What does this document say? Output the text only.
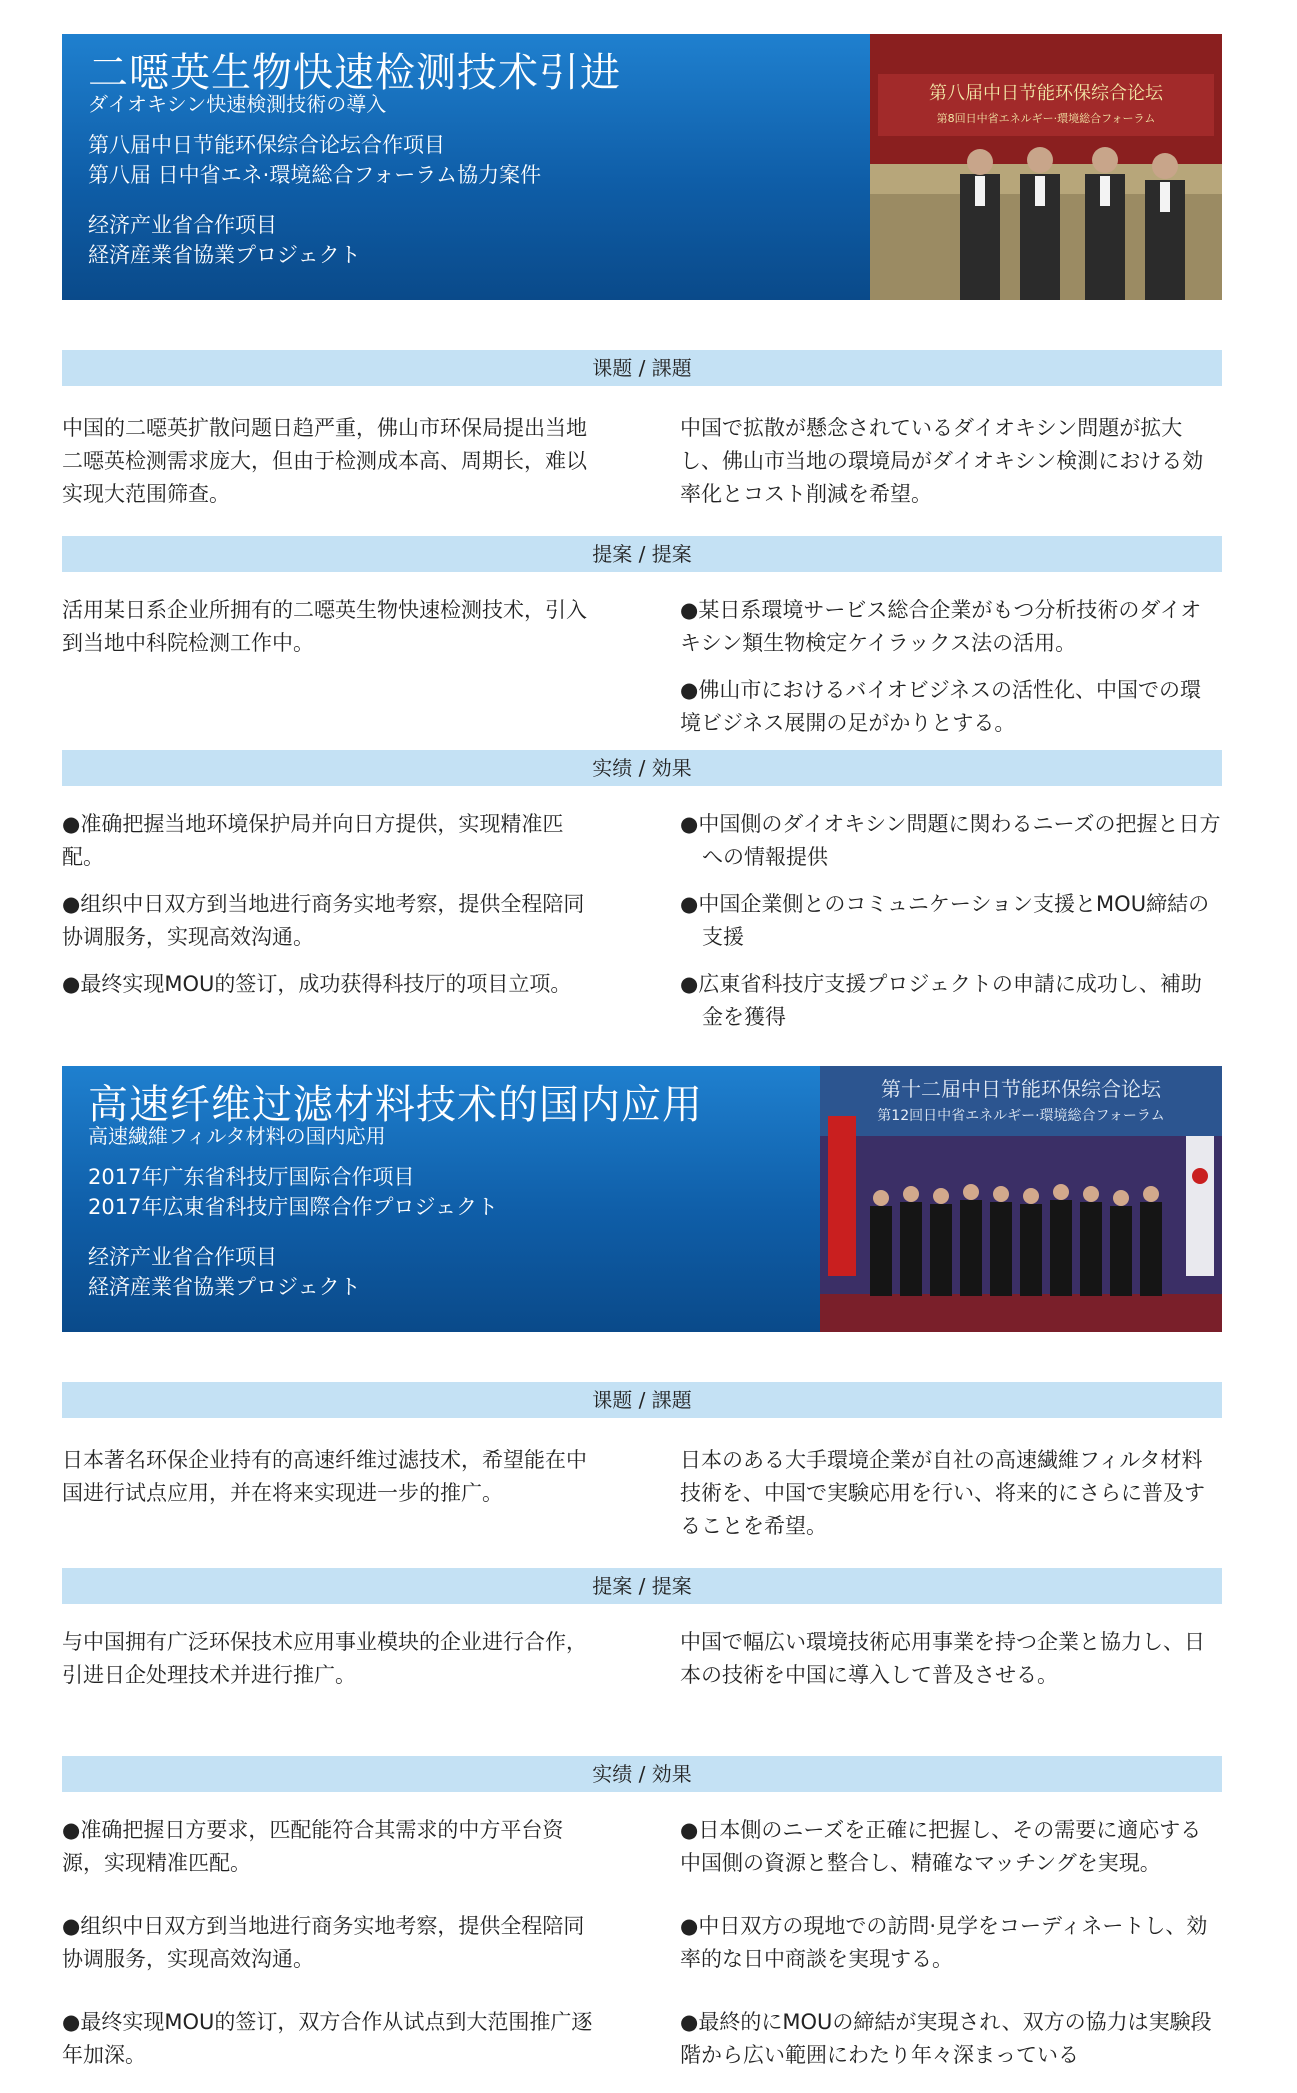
二噁英生物快速检测技术引进
ダイオキシン快速検測技術の導入
第八届中日节能环保综合论坛合作项目
第八届 日中省エネ·環境総合フォーラム協力案件
经济产业省合作项目
経済産業省協業プロジェクト
第八届中日节能环保综合论坛
第8回日中省エネルギー·環境総合フォーラム
课题 / 課題

中国的二噁英扩散问题日趋严重，佛山市环保局提出当地二噁英检测需求庞大，但由于检测成本高、周期长，难以实现大范围筛查。

中国で拡散が懸念されているダイオキシン問題が拡大し、佛山市当地の環境局がダイオキシン検測における効率化とコスト削減を希望。

提案 / 提案

活用某日系企业所拥有的二噁英生物快速检测技术，引入到当地中科院检测工作中。

●某日系環境サービス総合企業がもつ分析技術のダイオキシン類生物検定ケイラックス法の活用。

●佛山市におけるバイオビジネスの活性化、中国での環境ビジネス展開の足がかりとする。

实绩 / 効果

●准确把握当地环境保护局并向日方提供，实现精准匹配。

●组织中日双方到当地进行商务实地考察，提供全程陪同协调服务，实现高效沟通。

●最终实现MOU的签订，成功获得科技厅的项目立项。

●中国側のダイオキシン問題に関わるニーズの把握と日方への情報提供

●中国企業側とのコミュニケーション支援とMOU締結の支援

●広東省科技庁支援プロジェクトの申請に成功し、補助金を獲得

高速纤维过滤材料技术的国内应用
高速繊維フィルタ材料の国内応用
2017年广东省科技厅国际合作项目
2017年広東省科技庁国際合作プロジェクト
经济产业省合作项目
経済産業省協業プロジェクト
第十二届中日节能环保综合论坛
第12回日中省エネルギー·環境総合フォーラム
课题 / 課題

日本著名环保企业持有的高速纤维过滤技术，希望能在中国进行试点应用，并在将来实现进一步的推广。

日本のある大手環境企業が自社の高速繊維フィルタ材料技術を、中国で実験応用を行い、将来的にさらに普及することを希望。

提案 / 提案

与中国拥有广泛环保技术应用事业模块的企业进行合作，引进日企处理技术并进行推广。

中国で幅広い環境技術応用事業を持つ企業と協力し、日本の技術を中国に導入して普及させる。

实绩 / 効果

●准确把握日方要求，匹配能符合其需求的中方平台资源，实现精准匹配。

●组织中日双方到当地进行商务实地考察，提供全程陪同协调服务，实现高效沟通。

●最终实现MOU的签订，双方合作从试点到大范围推广逐年加深。

●日本側のニーズを正確に把握し、その需要に適応する中国側の資源と整合し、精確なマッチングを実現。

●中日双方の現地での訪問·見学をコーディネートし、効率的な日中商談を実現する。

●最終的にMOUの締結が実現され、双方の協力は実験段階から広い範囲にわたり年々深まっている
